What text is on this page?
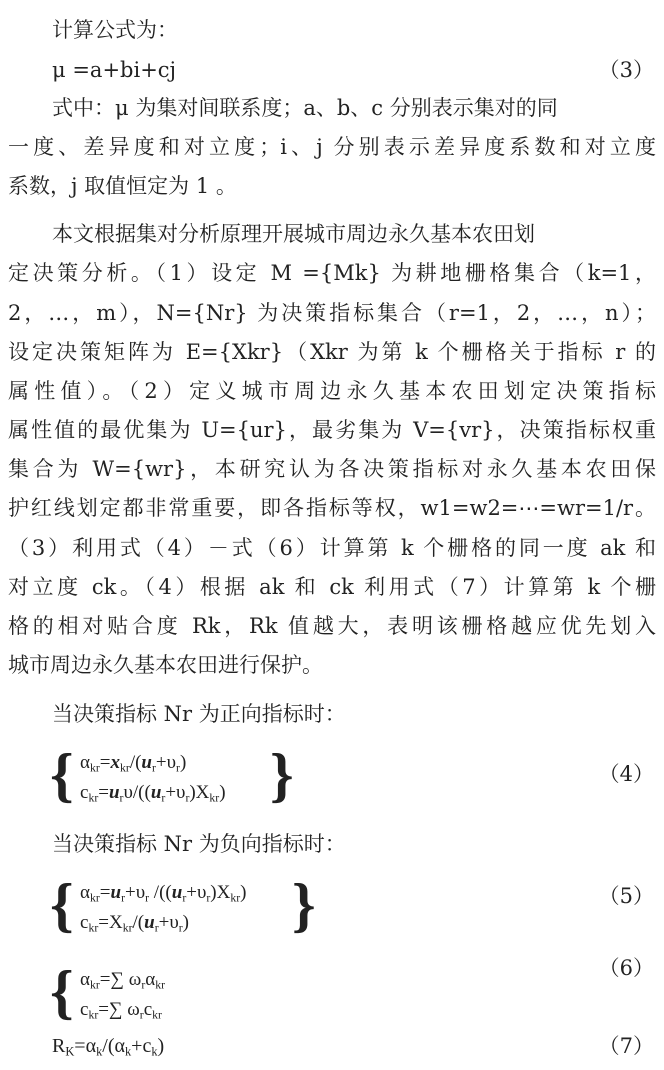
计算公式为：
μ =a+bi+cj	（3）
式中：μ 为集对间联系度；a、b、c 分别表示集对的同
一度、差异度和对立度；i、j 分别表示差异度系数和对立度
系数，j 取值恒定为 1 。
本文根据集对分析原理开展城市周边永久基本农田划
定决策分析。（1）设定 M ={Mk} 为耕地栅格集合（k=1，
2，…，m），N={Nr} 为决策指标集合（r=1，2，…，n）；
设定决策矩阵为 E={Xkr}（Xkr 为第 k 个栅格关于指标 r 的
属性值）。（2）定义城市周边永久基本农田划定决策指标
属性值的最优集为 U={ur}，最劣集为 V={vr}，决策指标权重
集合为 W={wr}，本研究认为各决策指标对永久基本农田保
护红线划定都非常重要，即各指标等权，w1=w2=⋯=wr=1/r。
（3）利用式（4）－式（6）计算第 k 个栅格的同一度 ak 和
对立度 ck。（4）根据 ak 和 ck 利用式（7）计算第 k 个栅
格的相对贴合度 Rk，Rk 值越大，表明该栅格越应优先划入
城市周边永久基本农田进行保护。
当决策指标 Nr 为正向指标时：
{ $\alpha_{kr}=x_{kr}/(u_r+\upsilon_r)$
$c_{kr}=u_r\upsilon/((u_r+\upsilon_r)X_{kr})$ }	（4）
当决策指标 Nr 为负向指标时：
{ $\alpha_{kr}=u_r+\upsilon_r$ $/((u_r+\upsilon_r)X_{kr})$
$c_{kr}=X_{kr}/(u_r+\upsilon_r)$	}	（5）
{ $\alpha_{kr}=\sum$ $\omega_r\alpha_{kr}$
$c_{kr}=\sum$ $\omega_rc_{kr}$
（6）
$R_K=\alpha_k/(\alpha_k+c_k)$	（7）
